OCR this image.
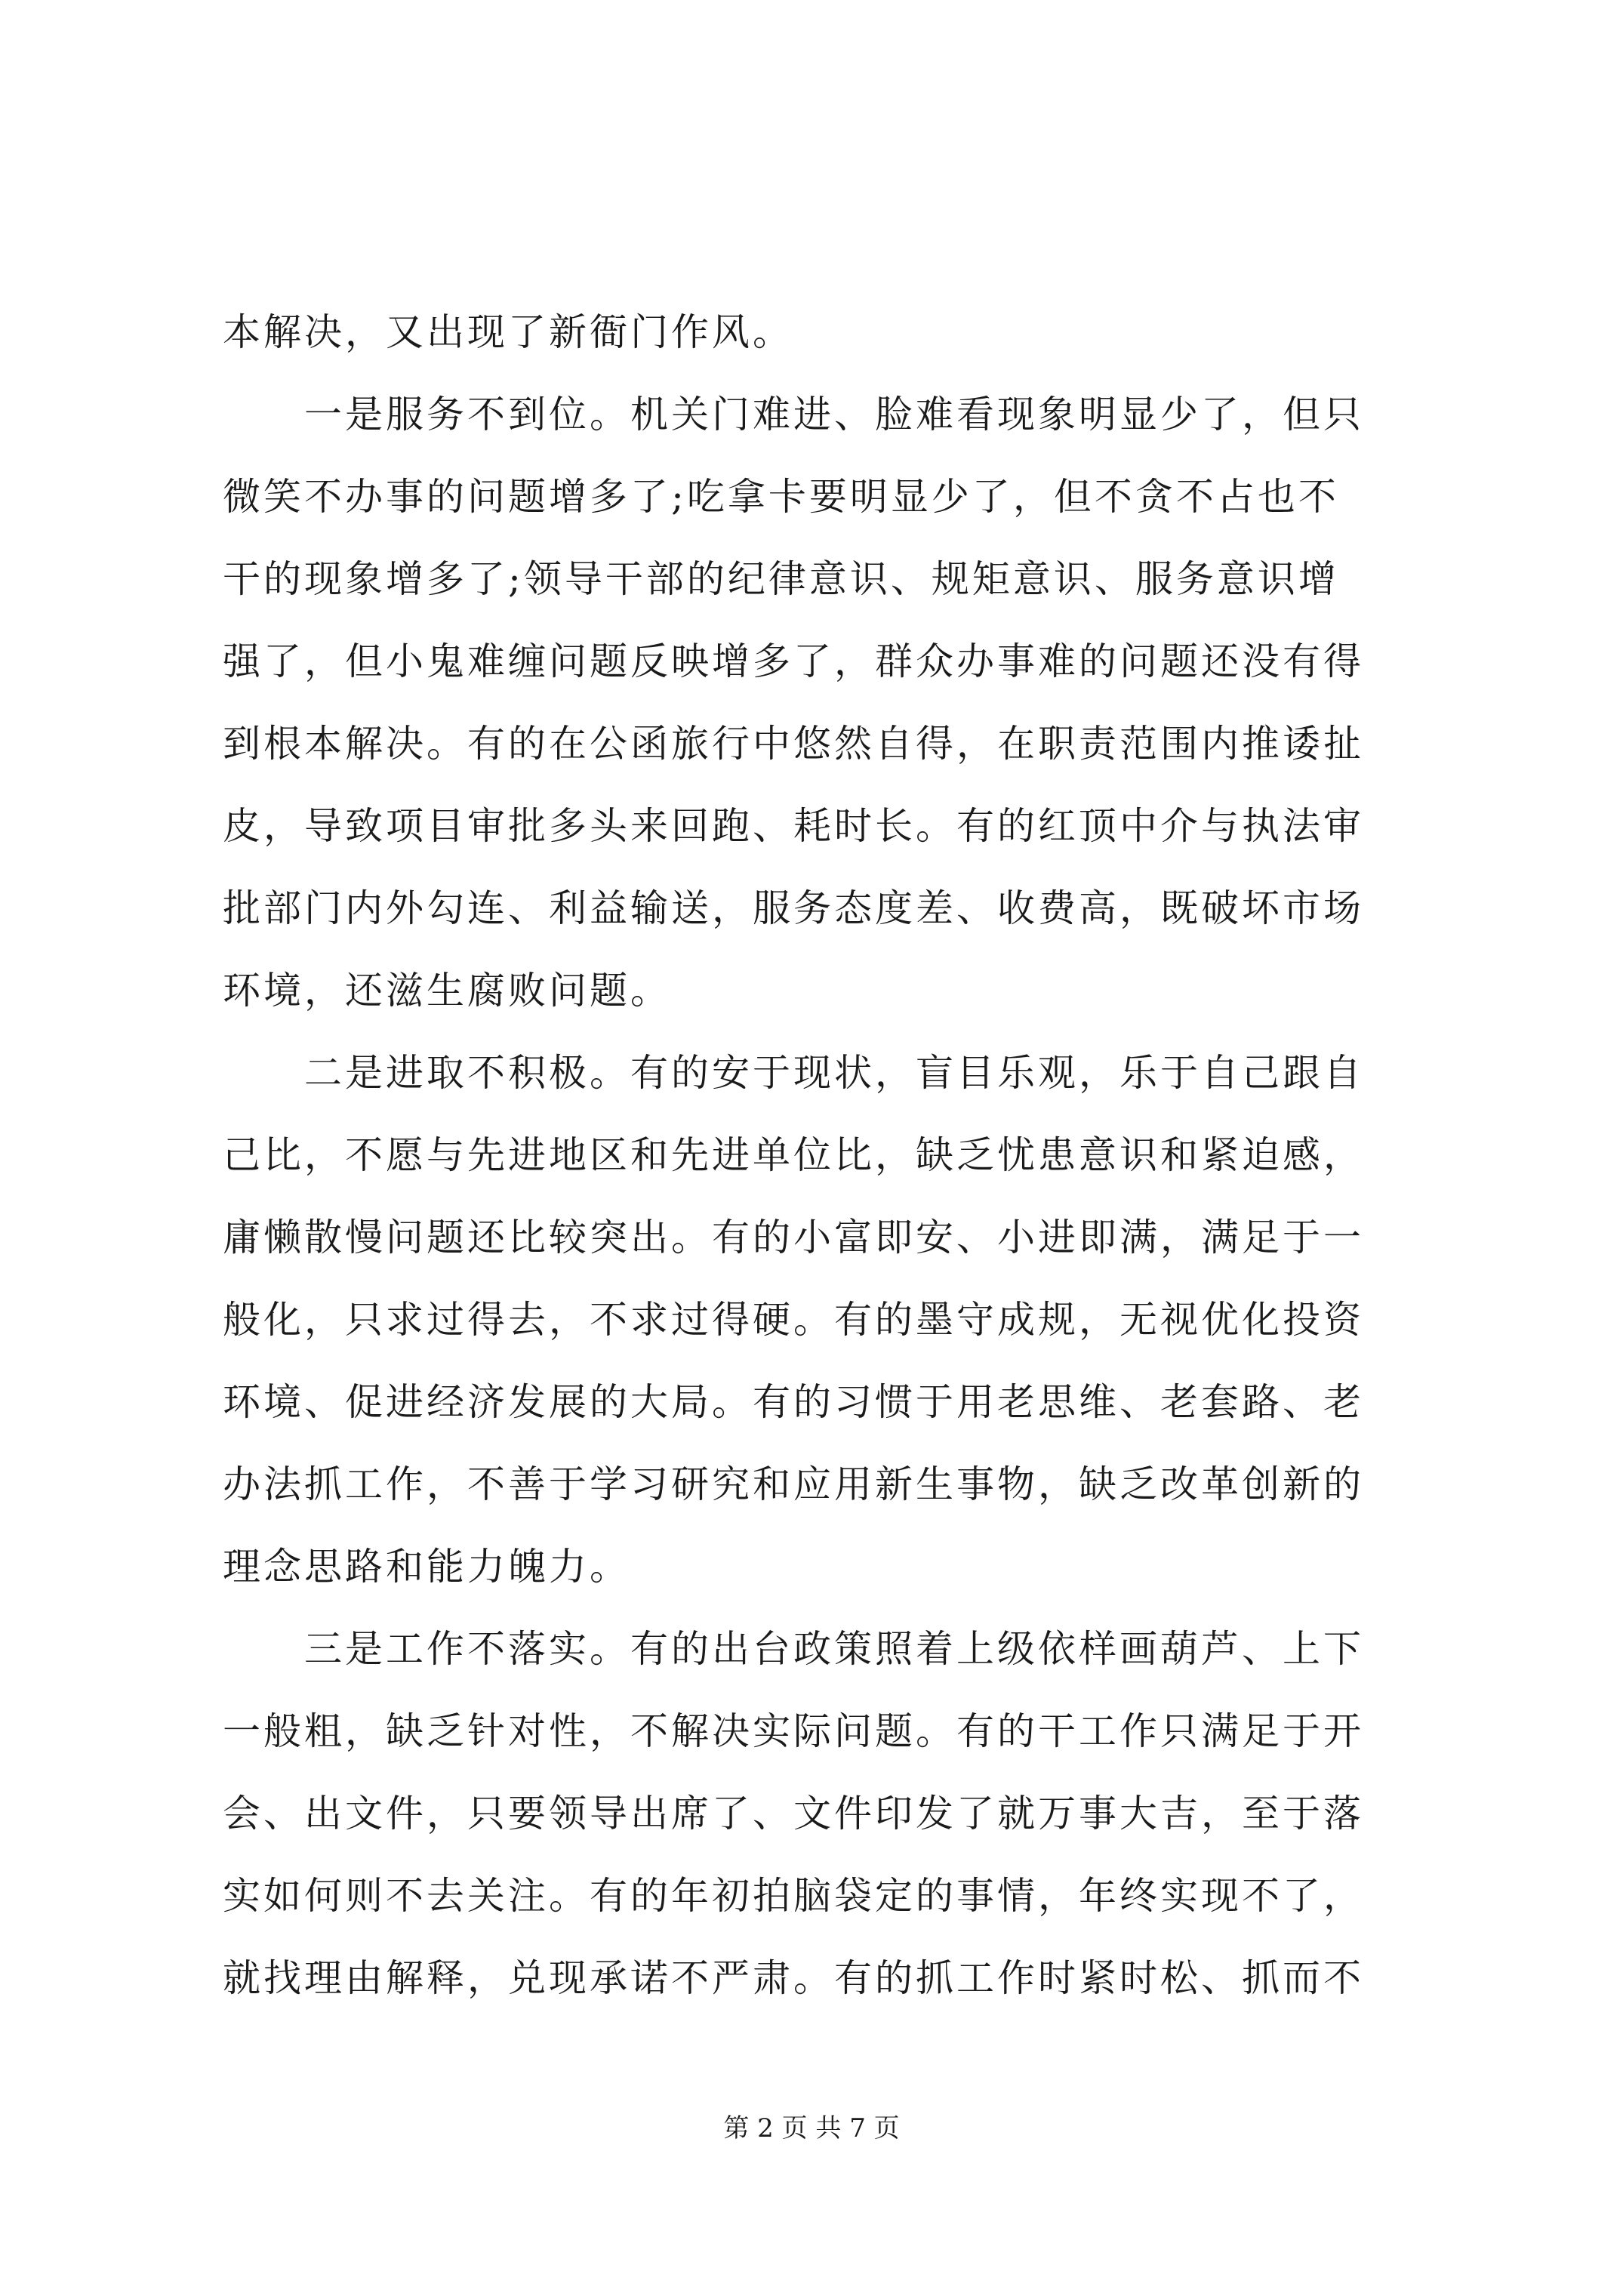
本解决，又出现了新衙门作风。
　　一是服务不到位。机关门难进、脸难看现象明显少了，但只
微笑不办事的问题增多了;吃拿卡要明显少了，但不贪不占也不
干的现象增多了;领导干部的纪律意识、规矩意识、服务意识增
强了，但小鬼难缠问题反映增多了，群众办事难的问题还没有得
到根本解决。有的在公函旅行中悠然自得，在职责范围内推诿扯
皮，导致项目审批多头来回跑、耗时长。有的红顶中介与执法审
批部门内外勾连、利益输送，服务态度差、收费高，既破坏市场
环境，还滋生腐败问题。
　　二是进取不积极。有的安于现状，盲目乐观，乐于自己跟自
己比，不愿与先进地区和先进单位比，缺乏忧患意识和紧迫感，
庸懒散慢问题还比较突出。有的小富即安、小进即满，满足于一
般化，只求过得去，不求过得硬。有的墨守成规，无视优化投资
环境、促进经济发展的大局。有的习惯于用老思维、老套路、老
办法抓工作，不善于学习研究和应用新生事物，缺乏改革创新的
理念思路和能力魄力。
　　三是工作不落实。有的出台政策照着上级依样画葫芦、上下
一般粗，缺乏针对性，不解决实际问题。有的干工作只满足于开
会、出文件，只要领导出席了、文件印发了就万事大吉，至于落
实如何则不去关注。有的年初拍脑袋定的事情，年终实现不了，
就找理由解释，兑现承诺不严肃。有的抓工作时紧时松、抓而不
第 2 页 共 7 页
